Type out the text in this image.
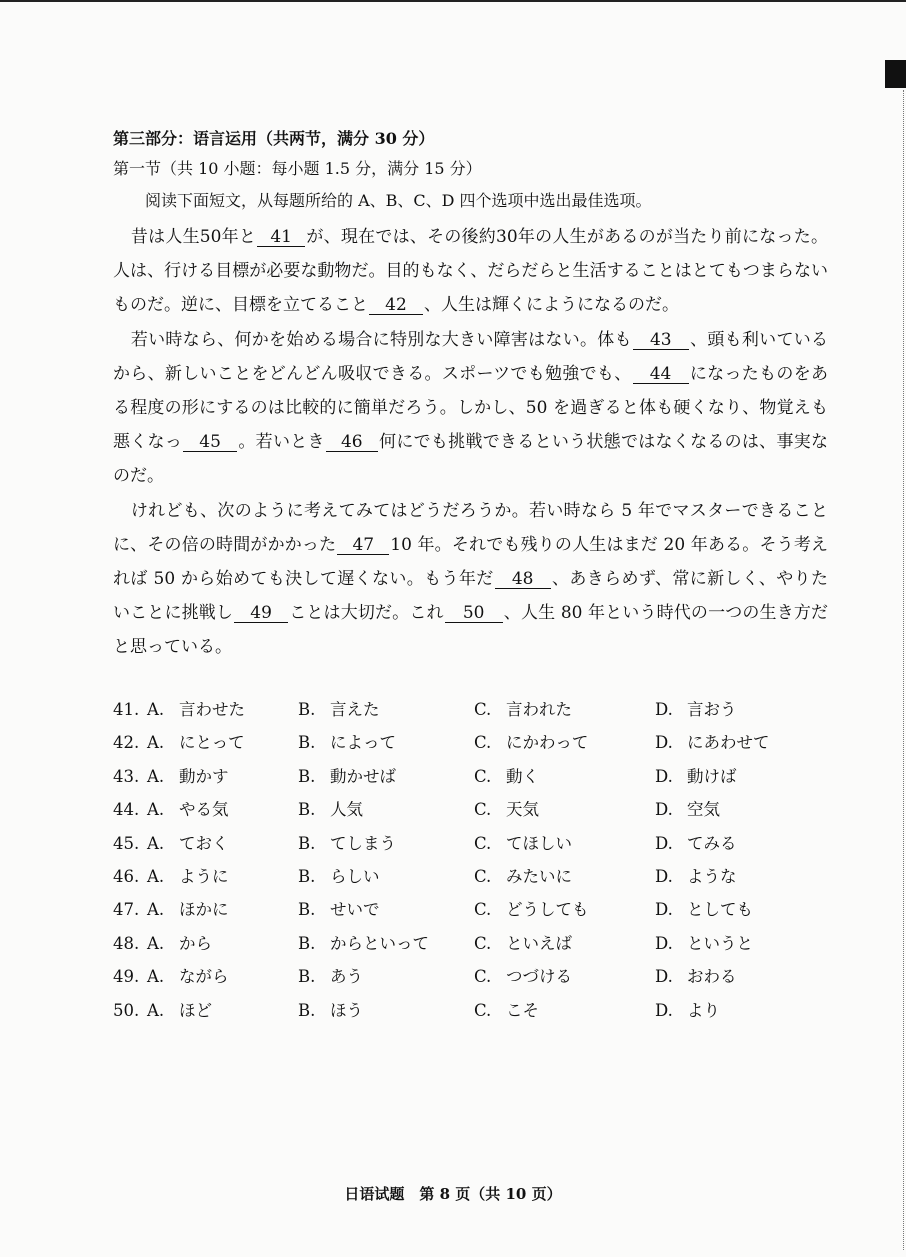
第三部分：语言运用（共两节，满分 30 分）
第一节（共 10 小题：每小题 1.5 分，满分 15 分）
阅读下面短文，从每题所给的 A、B、C、D 四个选项中选出最佳选项。

昔は人生50年と 41 が、現在では、その後約30年の人生があるのが当たり前になった。人は、行ける目標が必要な動物だ。目的もなく、だらだらと生活することはとてもつまらないものだ。逆に、目標を立てること 42 、人生は輝くにようになるのだ。

若い時なら、何かを始める場合に特別な大きい障害はない。体も 43 、頭も利いているから、新しいことをどんどん吸収できる。スポーツでも勉強でも、 44 になったものをある程度の形にするのは比較的に簡単だろう。しかし、50 を過ぎると体も硬くなり、物覚えも悪くなっ 45 。若いとき 46 何にでも挑戦できるという状態ではなくなるのは、事実なのだ。

けれども、次のように考えてみてはどうだろうか。若い時なら 5 年でマスターできることに、その倍の時間がかかった 47 10 年。それでも残りの人生はまだ 20 年ある。そう考えれば 50 から始めても決して遅くない。もう年だ 48 、あきらめず、常に新しく、やりたいことに挑戦し 49 ことは大切だ。これ 50 、人生 80 年という時代の一つの生き方だと思っている。

41. A. 言わせた	B. 言えた	C. 言われた	D. 言おう
42. A. にとって	B. によって	C. にかわって	D. にあわせて
43. A. 動かす	B. 動かせば	C. 動く	D. 動けば
44. A. やる気	B. 人気	C. 天気	D. 空気
45. A. ておく	B. てしまう	C. てほしい	D. てみる
46. A. ように	B. らしい	C. みたいに	D. ような
47. A. ほかに	B. せいで	C. どうしても	D. としても
48. A. から	B. からといって	C. といえば	D. というと
49. A. ながら	B. あう	C. つづける	D. おわる
50. A. ほど	B. ほう	C. こそ	D. より
日语试题　第 8 页（共 10 页）
